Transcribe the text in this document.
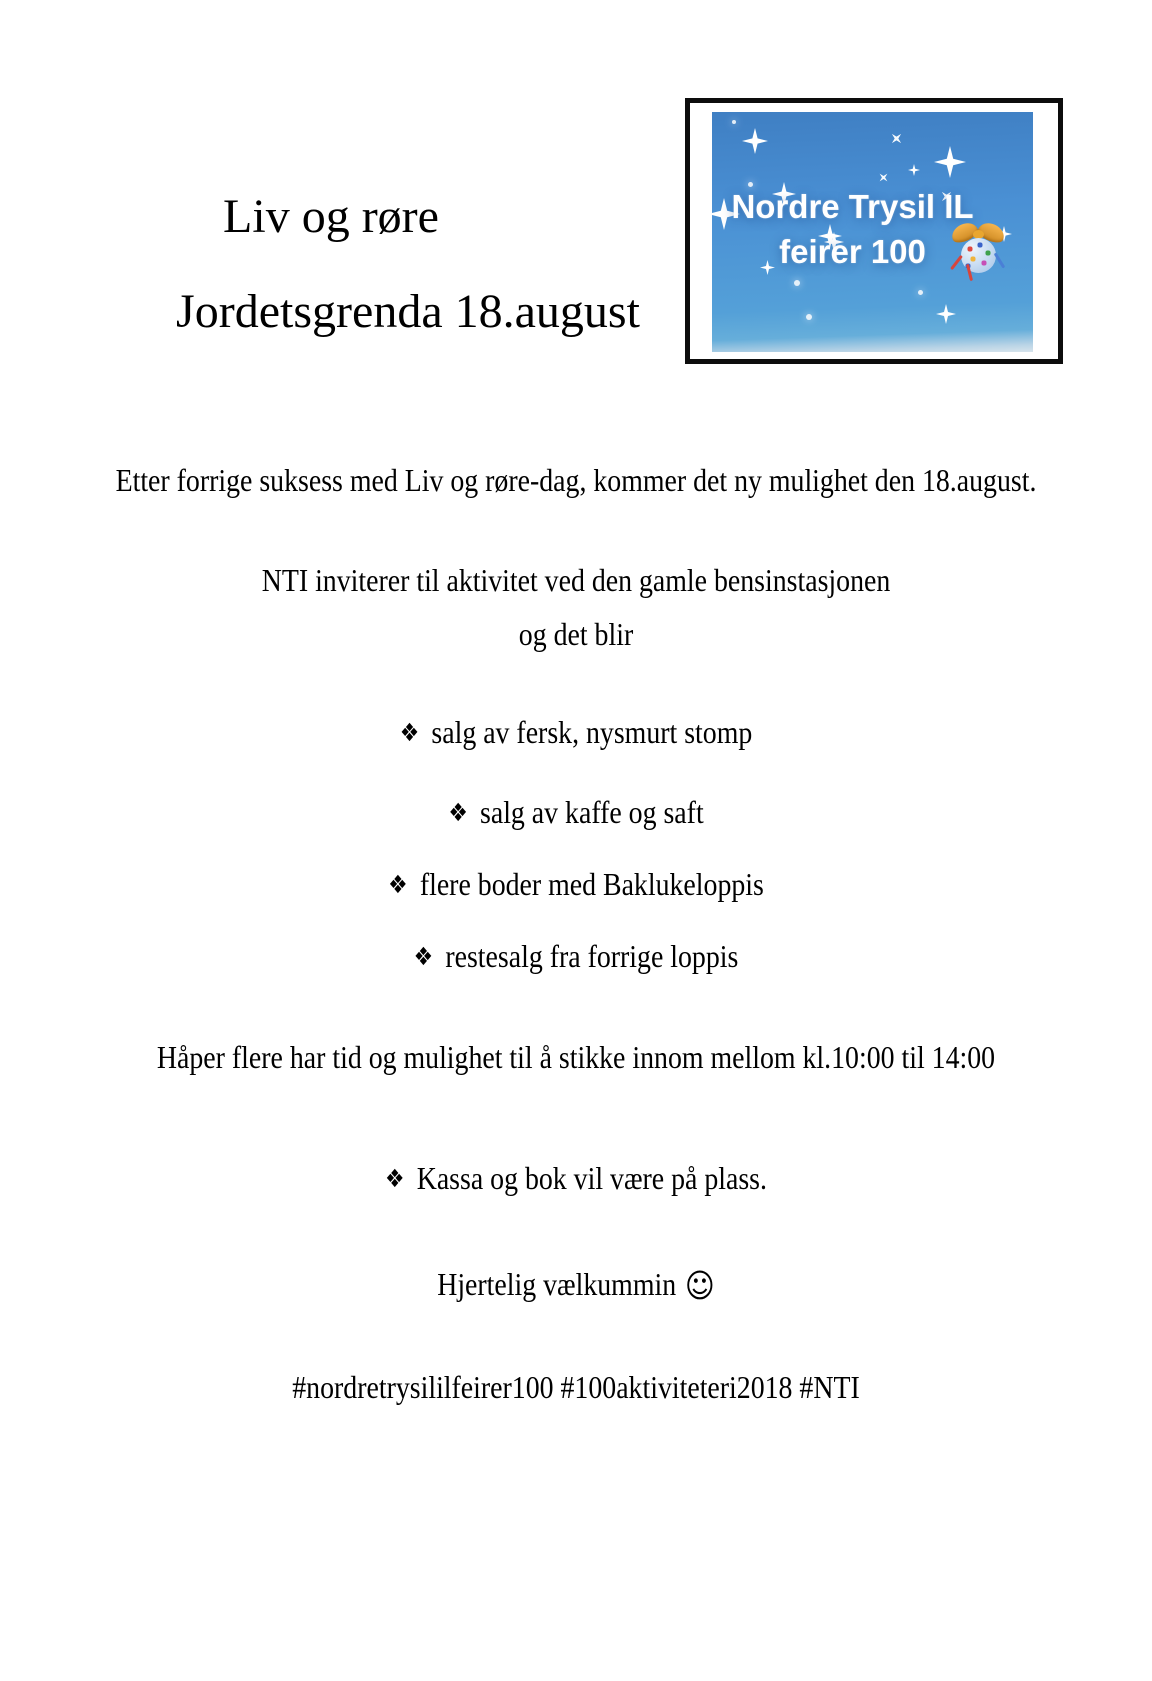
Liv og røre
Jordetsgrenda 18.august
Nordre Trysil IL
feirer 100
Etter forrige suksess med Liv og røre-dag, kommer det ny mulighet den 18.august.
NTI inviterer til aktivitet ved den gamle bensinstasjonen
og det blir
❖ salg av fersk, nysmurt stomp
❖ salg av kaffe og saft
❖ flere boder med Baklukeloppis
❖ restesalg fra forrige loppis
Håper flere har tid og mulighet til å stikke innom mellom kl.10:00 til 14:00
❖ Kassa og bok vil være på plass.
Hjertelig vælkummin ☺
#nordretrysililfeirer100 #100aktiviteteri2018 #NTI
